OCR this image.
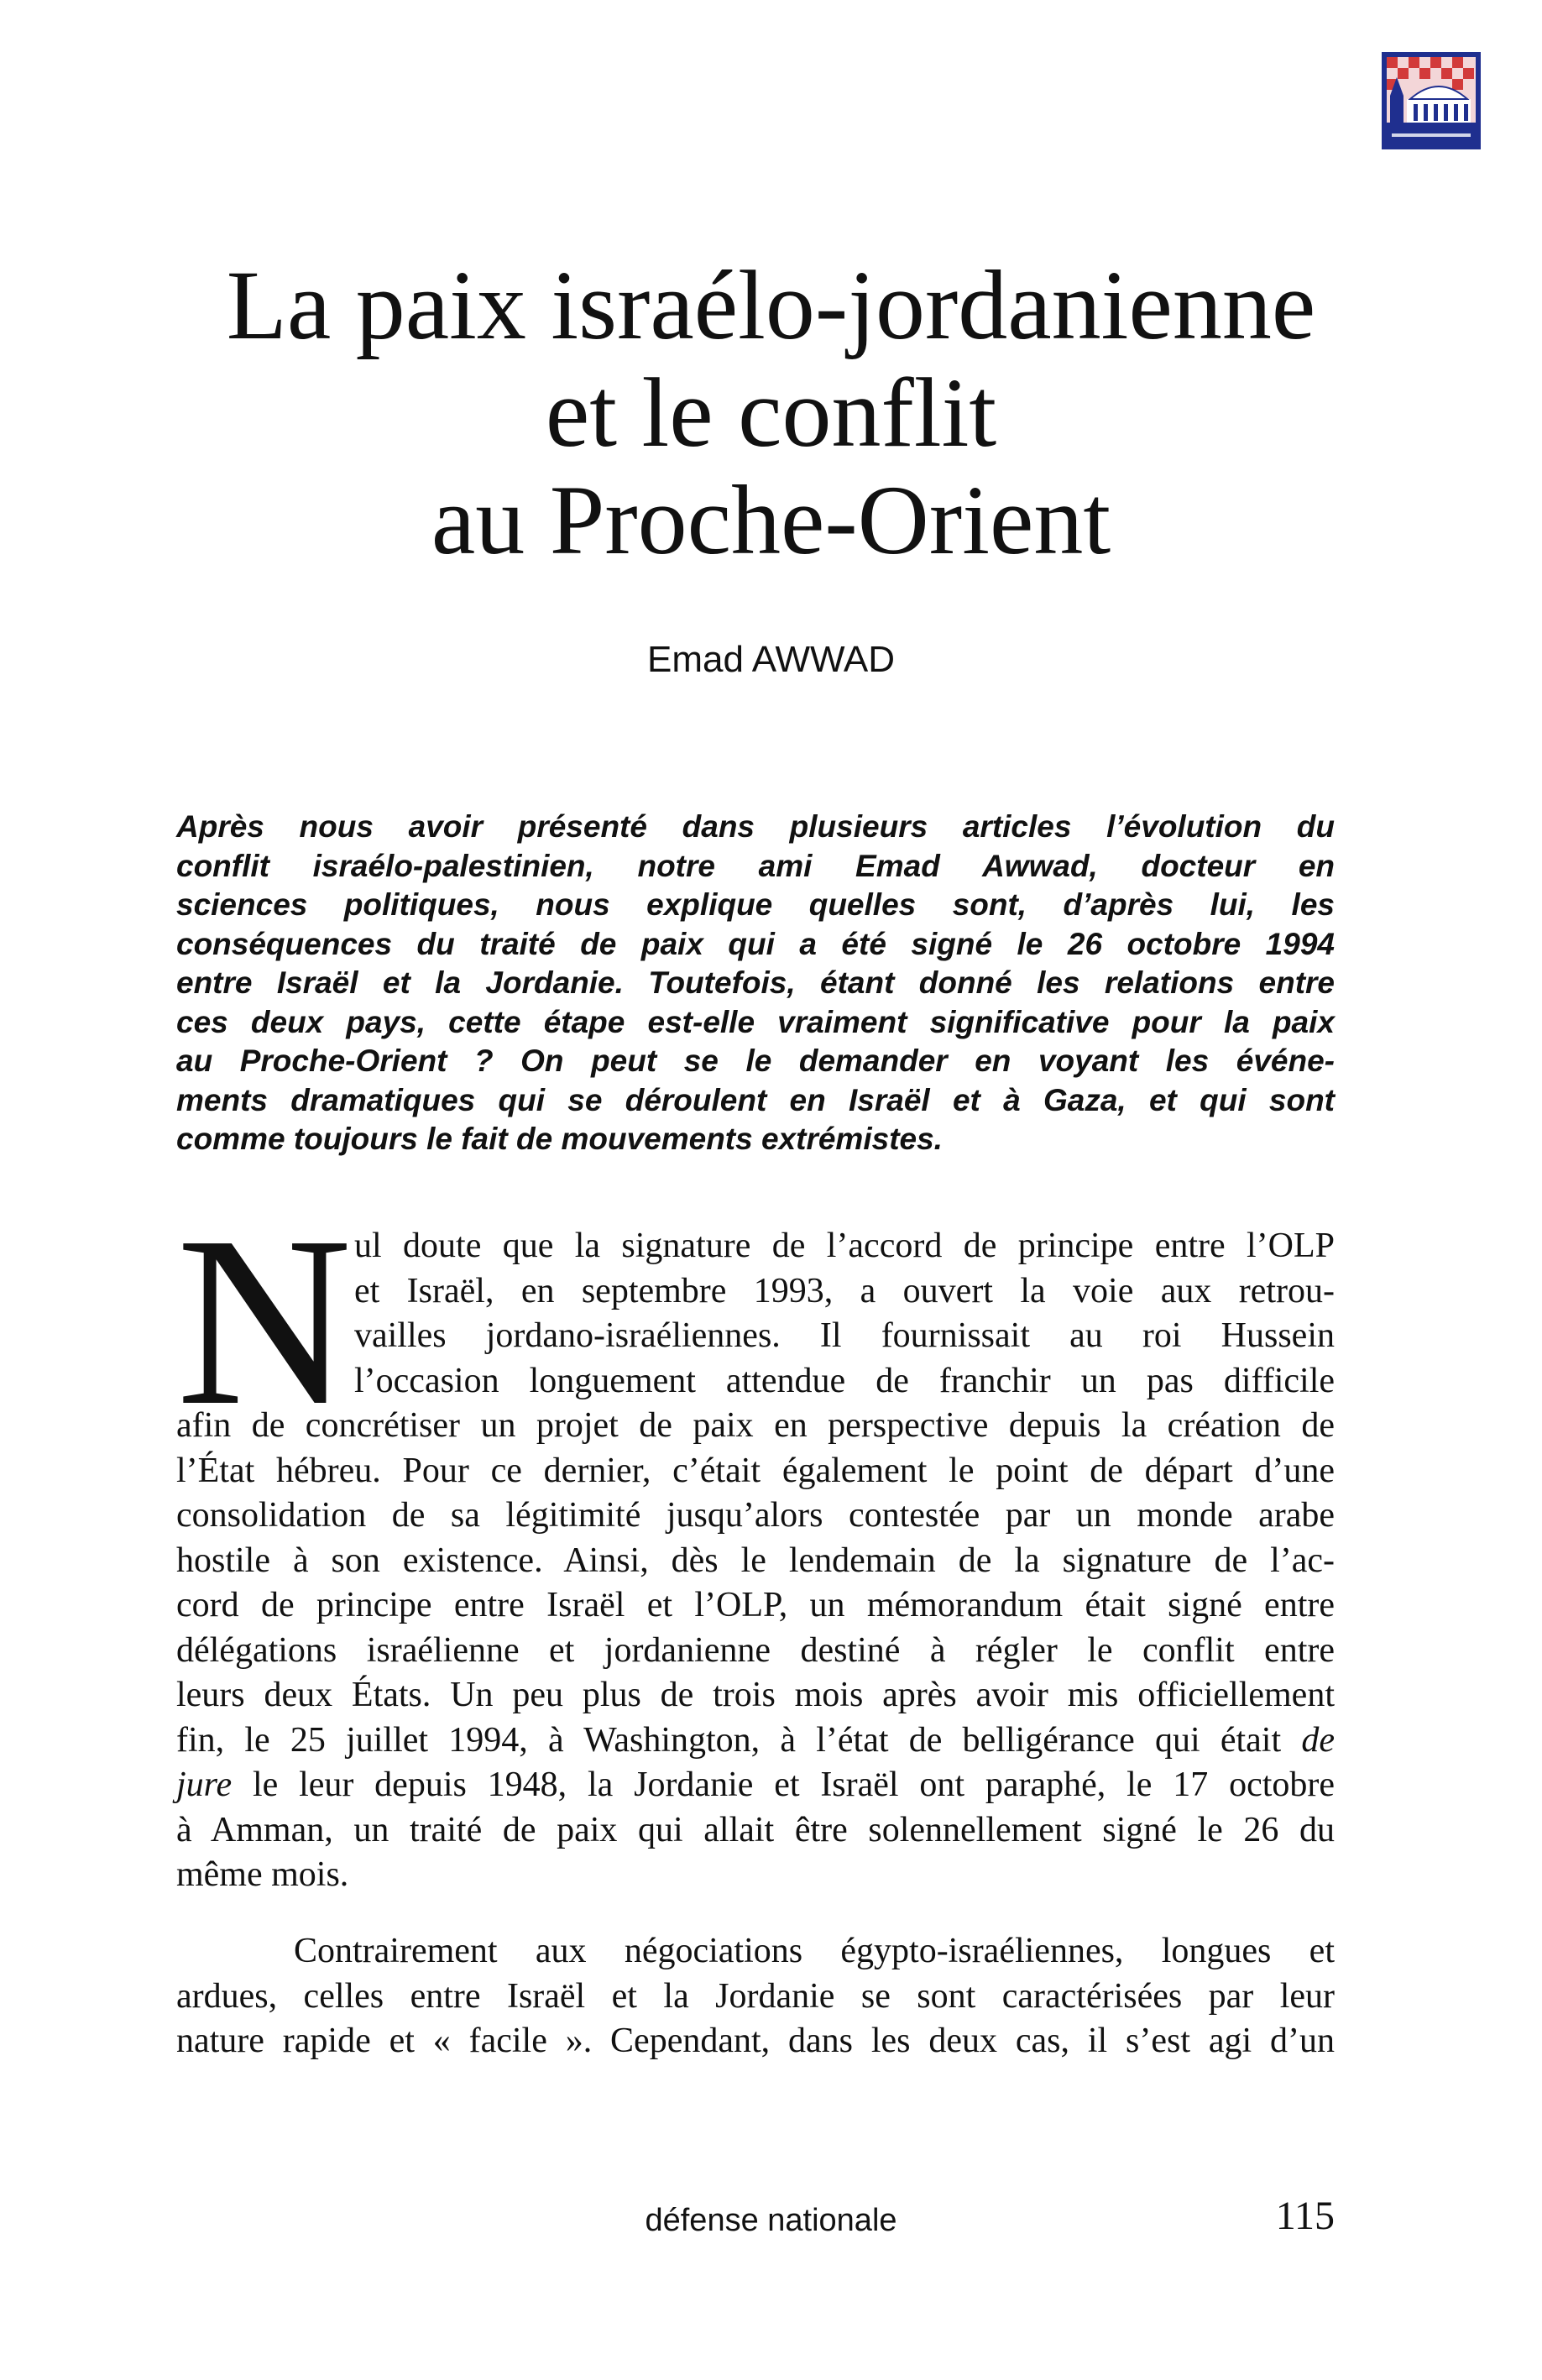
La paix israélo-jordanienne
et le conflit
au Proche-Orient
Emad AWWAD

Après nous avoir présenté dans plusieurs articles l’évolution du
conflit israélo-palestinien, notre ami Emad Awwad, docteur en
sciences politiques, nous explique quelles sont, d’après lui, les
conséquences du traité de paix qui a été signé le 26 octobre 1994
entre Israël et la Jordanie. Toutefois, étant donné les relations entre
ces deux pays, cette étape est-elle vraiment significative pour la paix
au Proche-Orient ? On peut se le demander en voyant les événe-
ments dramatiques qui se déroulent en Israël et à Gaza, et qui sont
comme toujours le fait de mouvements extrémistes.

N ul doute que la signature de l’accord de principe entre l’OLP
et Israël, en septembre 1993, a ouvert la voie aux retrou-
vailles jordano-israéliennes. Il fournissait au roi Hussein
l’occasion longuement attendue de franchir un pas difficile
afin de concrétiser un projet de paix en perspective depuis la création de
l’État hébreu. Pour ce dernier, c’était également le point de départ d’une
consolidation de sa légitimité jusqu’alors contestée par un monde arabe
hostile à son existence. Ainsi, dès le lendemain de la signature de l’ac-
cord de principe entre Israël et l’OLP, un mémorandum était signé entre
délégations israélienne et jordanienne destiné à régler le conflit entre
leurs deux États. Un peu plus de trois mois après avoir mis officiellement
fin, le 25 juillet 1994, à Washington, à l’état de belligérance qui était de
jure le leur depuis 1948, la Jordanie et Israël ont paraphé, le 17 octobre
à Amman, un traité de paix qui allait être solennellement signé le 26 du
même mois.
Contrairement aux négociations égypto-israéliennes, longues et
ardues, celles entre Israël et la Jordanie se sont caractérisées par leur
nature rapide et « facile ». Cependant, dans les deux cas, il s’est agi d’un
défense nationale	115
